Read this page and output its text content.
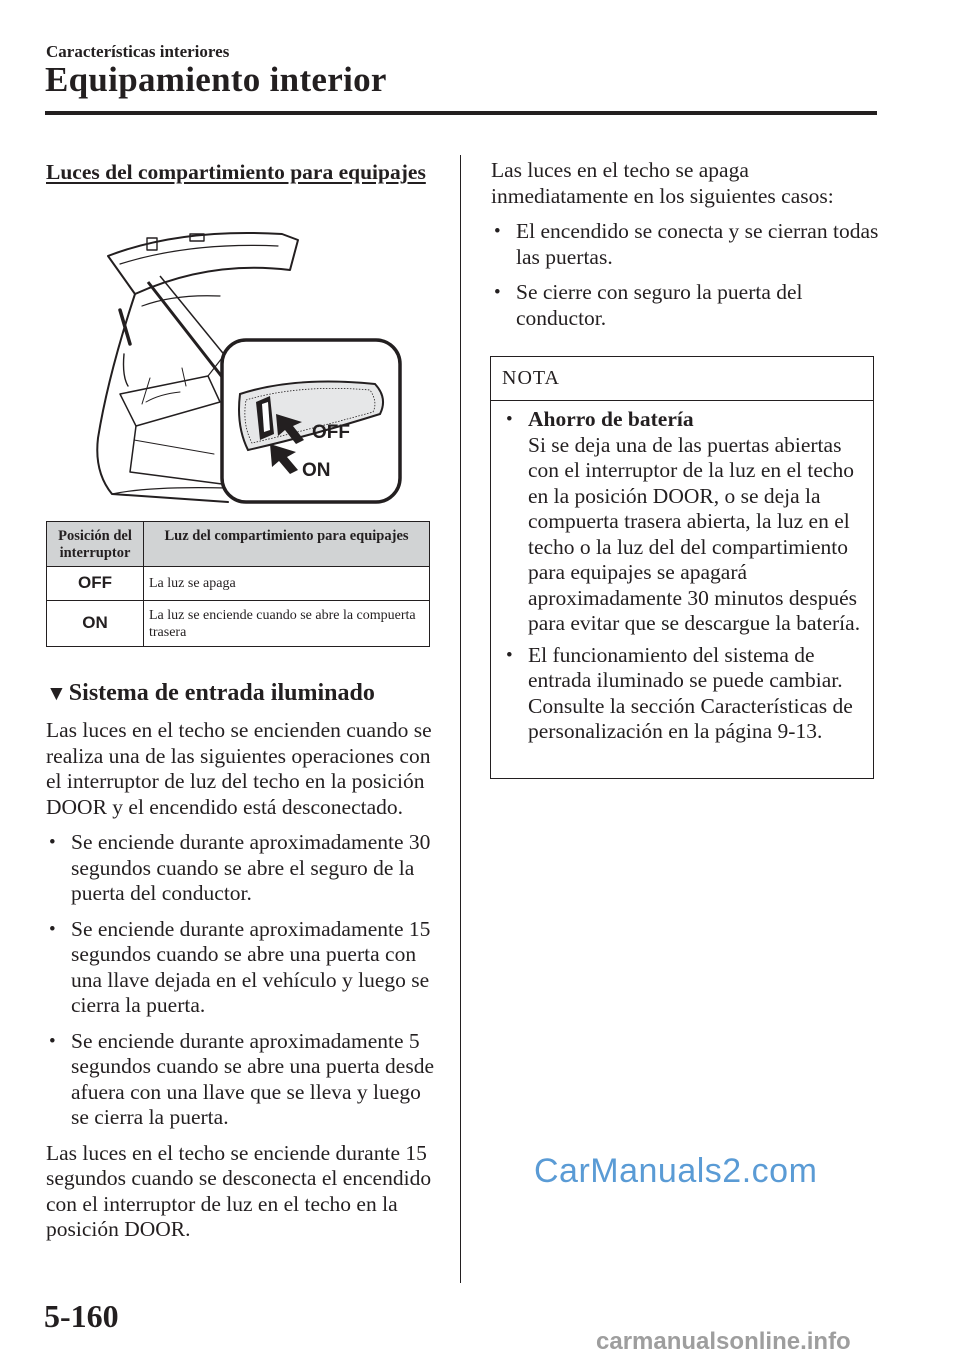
Características interiores
Equipamiento interior
Luces del compartimiento para equipajes
OFF
ON
Posición del interruptor	Luz del compartimiento para equipajes
OFF	La luz se apaga
ON	La luz se enciende cuando se abre la compuerta trasera
▼Sistema de entrada iluminado

Las luces en el techo se encienden cuando se realiza una de las siguientes operaciones con el interruptor de luz del techo en la posición DOOR y el encendido está desconectado.

• Se enciende durante aproximadamente 30 segundos cuando se abre el seguro de la puerta del conductor.
• Se enciende durante aproximadamente 15 segundos cuando se abre una puerta con una llave dejada en el vehículo y luego se cierra la puerta.
• Se enciende durante aproximadamente 5 segundos cuando se abre una puerta desde afuera con una llave que se lleva y luego se cierra la puerta.

Las luces en el techo se enciende durante 15 segundos cuando se desconecta el encendido con el interruptor de luz en el techo en la posición DOOR.

Las luces en el techo se apaga inmediatamente en los siguientes casos:

• El encendido se conecta y se cierran todas las puertas.
• Se cierre con seguro la puerta del conductor.
NOTA
• Ahorro de batería
Si se deja una de las puertas abiertas con el interruptor de la luz en el techo en la posición DOOR, o se deja la compuerta trasera abierta, la luz en el techo o la luz del del compartimiento para equipajes se apagará aproximadamente 30 minutos después para evitar que se descargue la batería.
• El funcionamiento del sistema de entrada iluminado se puede cambiar. Consulte la sección Características de personalización en la página 9-13.
CarManuals2.com
5-160
carmanualsonline.info
